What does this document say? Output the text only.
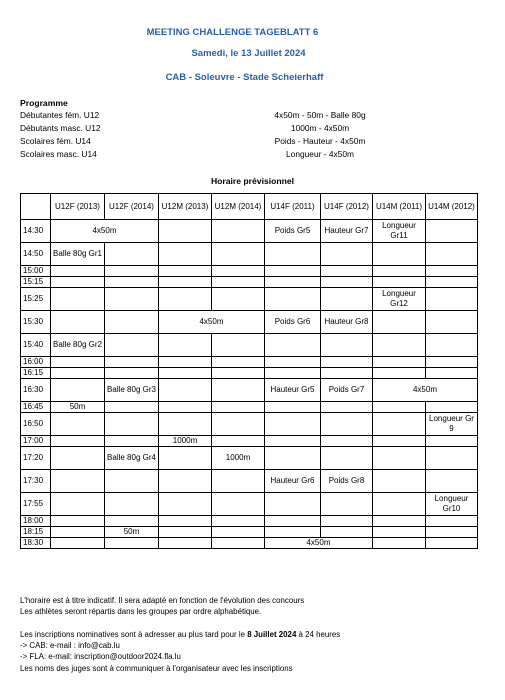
MEETING CHALLENGE TAGEBLATT 6
Samedi, le 13 Juillet 2024
CAB - Soleuvre - Stade Scheierhaff
Programme
Débutantes fém. U12	4x50m - 50m - Balle 80g
Débutants masc. U12	1000m - 4x50m
Scolaires fém. U14	Poids - Hauteur - 4x50m
Scolaires masc. U14	Longueur - 4x50m
Horaire prévisionnel
	U12F (2013)	U12F (2014)	U12M (2013)	U12M (2014)	U14F (2011)	U14F (2012)	U14M (2011)	U14M (2012)
14:30	4x50m				Poids Gr5	Hauteur Gr7	Longueur Gr11	
14:50	Balle 80g Gr1							
15:00								
15:15								
15:25							Longueur Gr12	
15:30			4x50m		Poids Gr6	Hauteur Gr8		
15:40	Balle 80g Gr2							
16:00								
16:15								
16:30		Balle 80g Gr3			Hauteur Gr5	Poids Gr7	4x50m	
16:45	50m							
16:50								Longueur Gr 9
17:00			1000m					
17:20		Balle 80g Gr4		1000m				
17:30					Hauteur Gr6	Poids Gr8		
17:55								Longueur Gr10
18:00								
18:15		50m						
18:30					4x50m			
L'horaire est à titre indicatif. Il sera adapté en fonction de l'évolution des concours
Les athlètes seront répartis dans les groupes par ordre alphabétique.
Les inscriptions nominatives sont à adresser au plus tard pour le 8 Juillet 2024 à 24 heures
-> CAB: e-mail : info@cab.lu
-> FLA: e-mail: inscription@outdoor2024.fla.lu
Les noms des juges sont à communiquer à l'organisateur avec les inscriptions
